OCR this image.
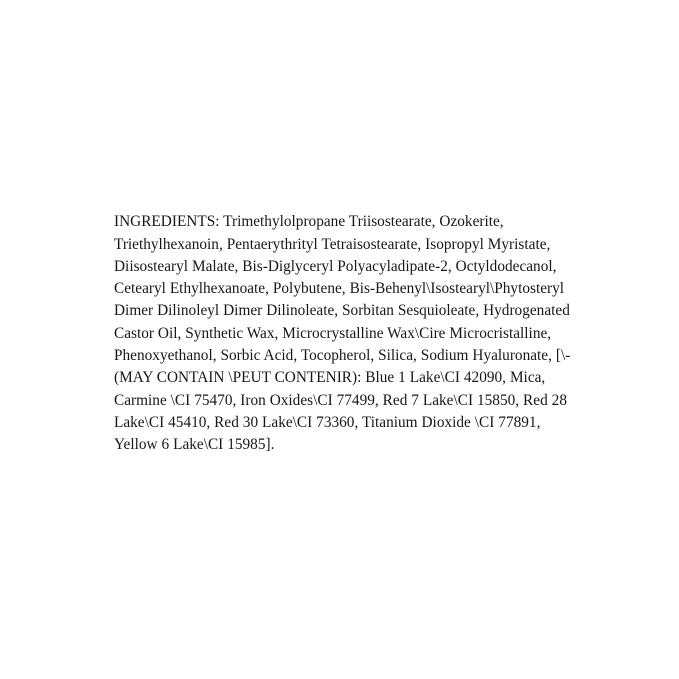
INGREDIENTS: Trimethylolpropane Triisostearate, Ozokerite, Triethylhexanoin, Pentaerythrityl Tetraisostearate, Isopropyl Myristate, Diisostearyl Malate, Bis-Diglyceryl Polyacyladipate-2, Octyldodecanol, Cetearyl Ethylhexanoate, Polybutene, Bis-Behenyl\Isostearyl\Phytosteryl Dimer Dilinoleyl Dimer Dilinoleate, Sorbitan Sesquioleate, Hydrogenated Castor Oil, Synthetic Wax, Microcrystalline Wax\Cire Microcristalline, Phenoxyethanol, Sorbic Acid, Tocopherol, Silica, Sodium Hyaluronate, [\- (MAY CONTAIN \PEUT CONTENIR): Blue 1 Lake\CI 42090, Mica, Carmine \CI 75470, Iron Oxides\CI 77499, Red 7 Lake\CI 15850, Red 28 Lake\CI 45410, Red 30 Lake\CI 73360, Titanium Dioxide \CI 77891, Yellow 6 Lake\CI 15985].
